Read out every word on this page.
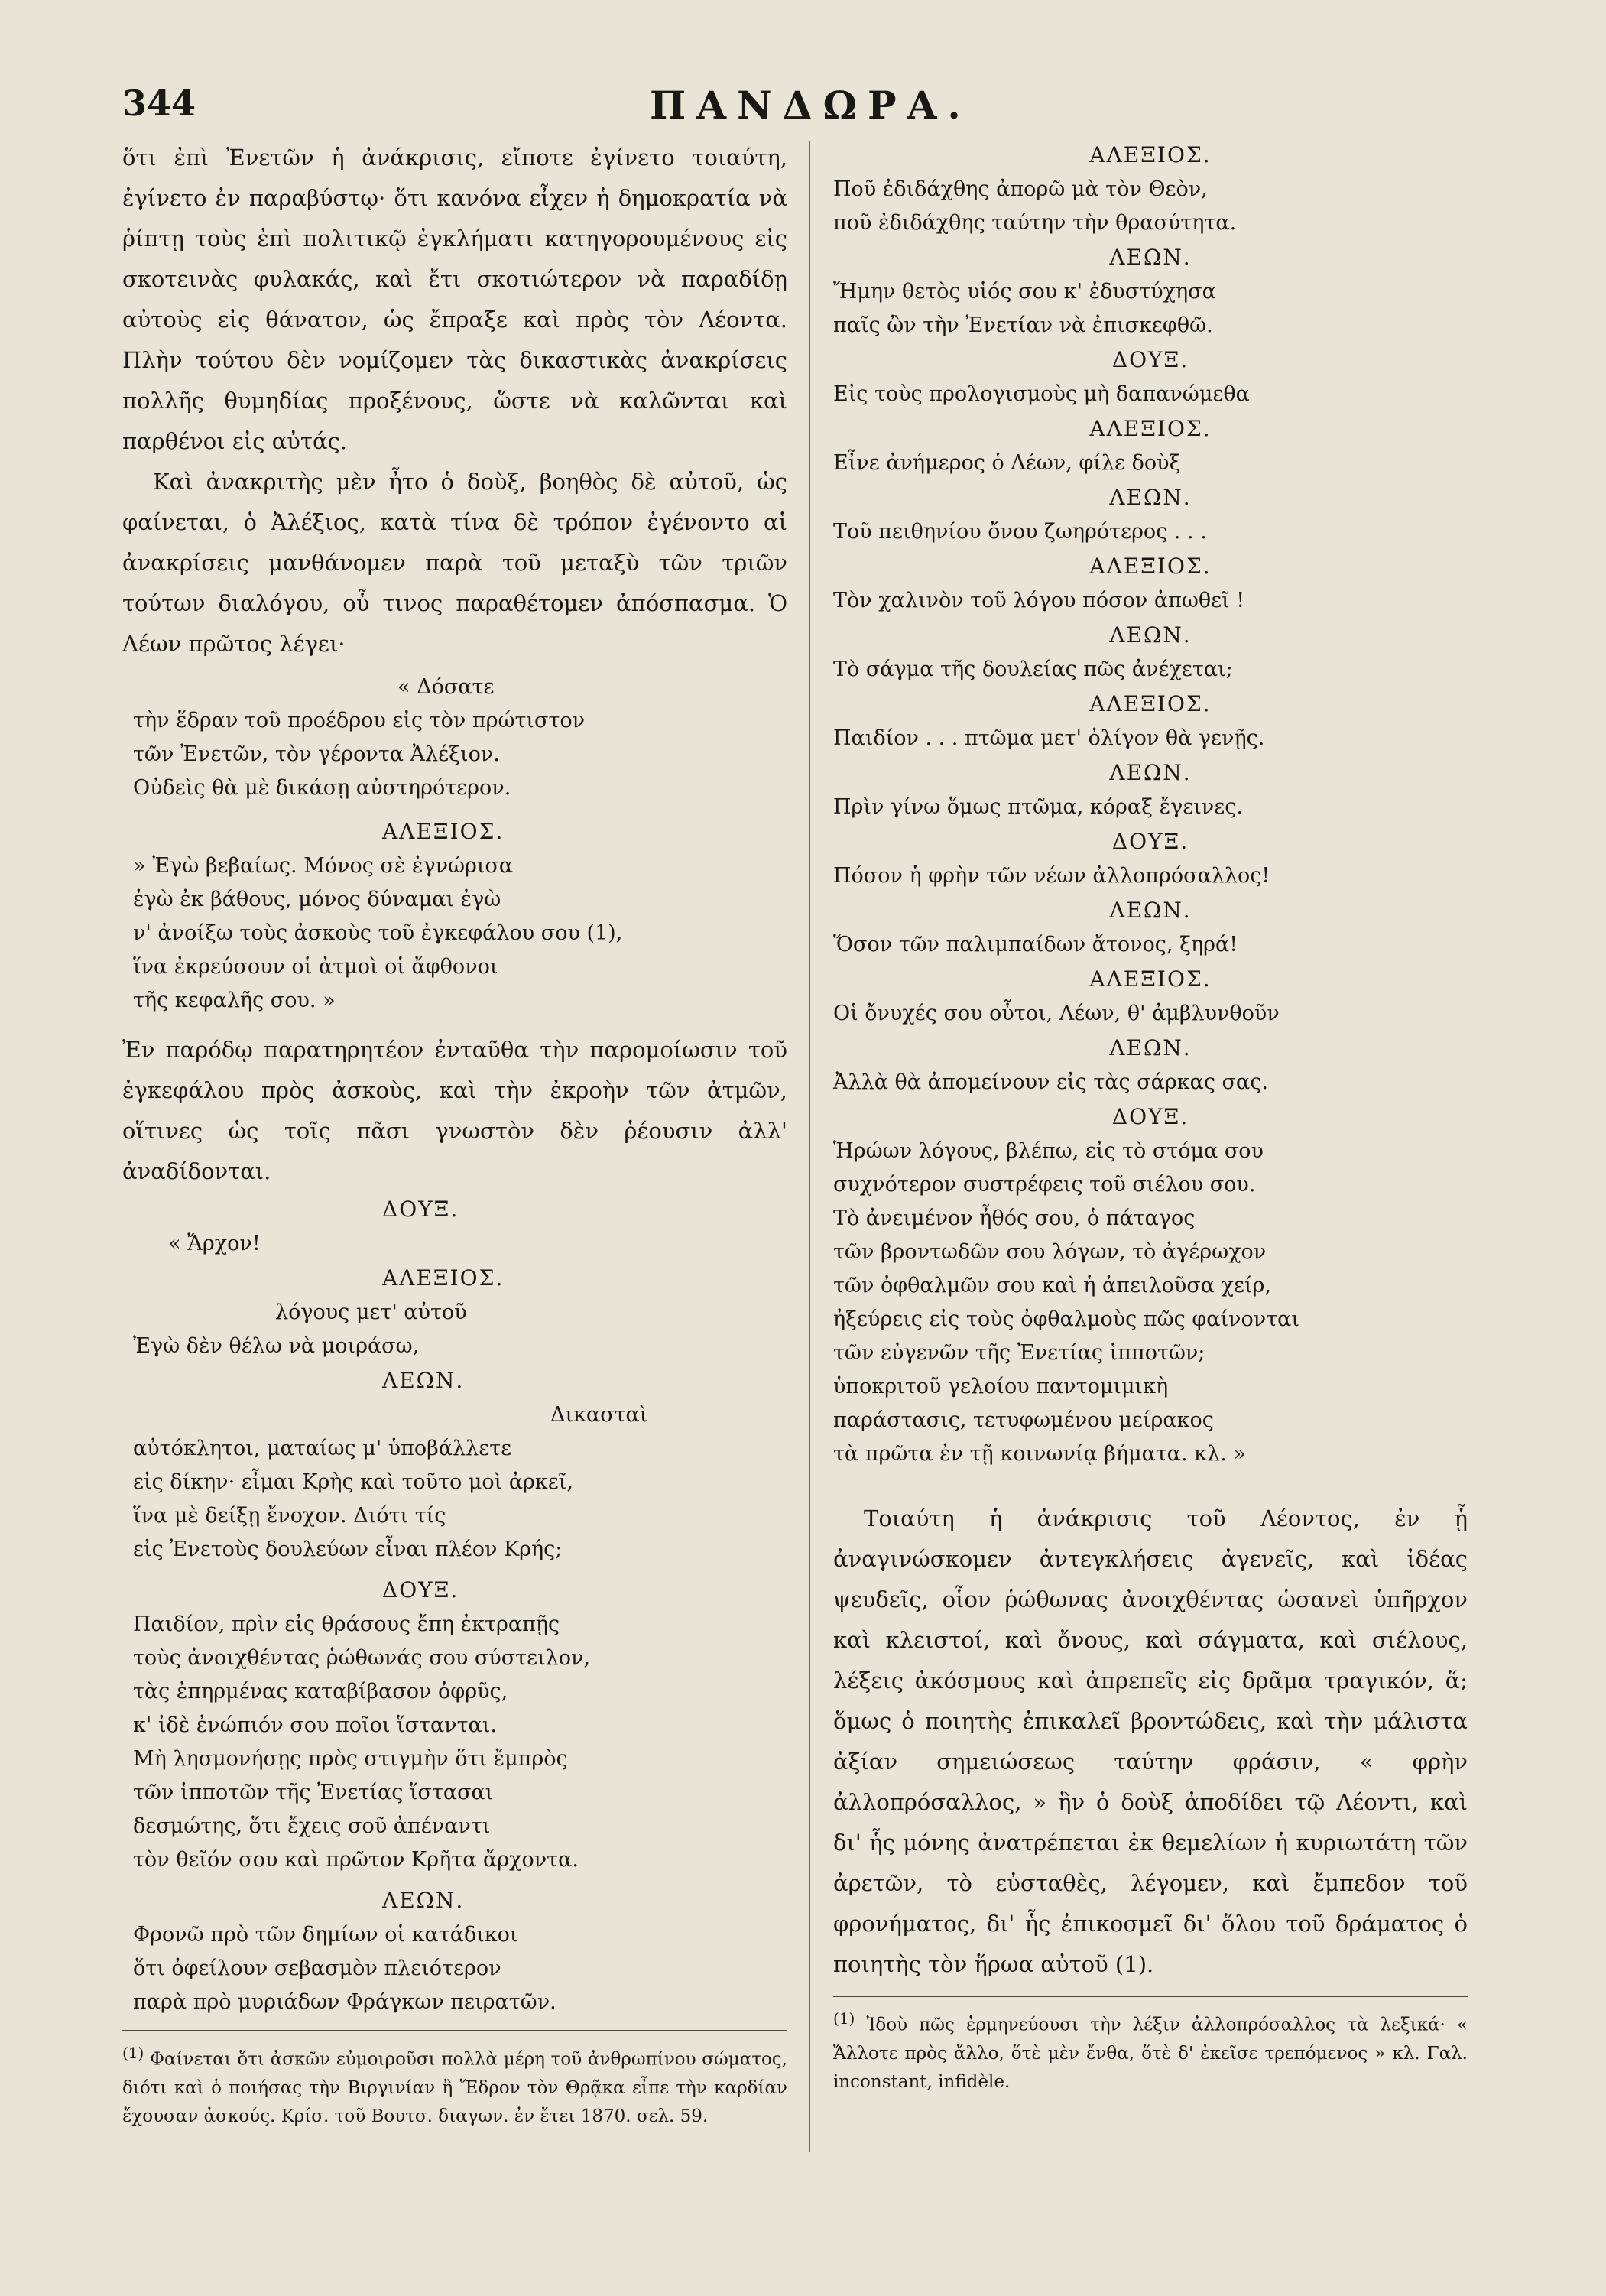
344	ΠΑΝΔΩΡΑ.

ὅτι ἐπὶ Ἐνετῶν ἡ ἀνάκρισις, εἴποτε ἐγίνετο τοιαύτη, ἐγίνετο ἐν παραβύστῳ· ὅτι κανόνα εἶχεν ἡ δημοκρατία νὰ ῥίπτῃ τοὺς ἐπὶ πολιτικῷ ἐγκλήματι κατηγορουμένους εἰς σκοτεινὰς φυλακάς, καὶ ἔτι σκοτιώτερον νὰ παραδίδῃ αὐτοὺς εἰς θάνατον, ὡς ἔπραξε καὶ πρὸς τὸν Λέοντα. Πλὴν τούτου δὲν νομίζομεν τὰς δικαστικὰς ἀνακρίσεις πολλῆς θυμηδίας προξένους, ὥστε νὰ καλῶνται καὶ παρθένοι εἰς αὐτάς.

Καὶ ἀνακριτὴς μὲν ἦτο ὁ δοὺξ, βοηθὸς δὲ αὐτοῦ, ὡς φαίνεται, ὁ Ἀλέξιος, κατὰ τίνα δὲ τρόπον ἐγένοντο αἱ ἀνακρίσεις μανθάνομεν παρὰ τοῦ μεταξὺ τῶν τριῶν τούτων διαλόγου, οὗ τινος παραθέτομεν ἀπόσπασμα. Ὁ Λέων πρῶτος λέγει·

« Δόσατε
τὴν ἕδραν τοῦ προέδρου εἰς τὸν πρώτιστον
τῶν Ἐνετῶν, τὸν γέροντα Ἀλέξιον.
Οὐδεὶς θὰ μὲ δικάσῃ αὐστηρότερον.
ΑΛΕΞΙΟΣ.
» Ἐγὼ βεβαίως. Μόνος σὲ ἐγνώρισα
ἐγὼ ἐκ βάθους, μόνος δύναμαι ἐγὼ
ν' ἀνοίξω τοὺς ἀσκοὺς τοῦ ἐγκεφάλου σου (1),
ἵνα ἐκρεύσουν οἱ ἀτμοὶ οἱ ἄφθονοι
τῆς κεφαλῆς σου. »

Ἐν παρόδῳ παρατηρητέον ἐνταῦθα τὴν παρομοίωσιν τοῦ ἐγκεφάλου πρὸς ἀσκοὺς, καὶ τὴν ἐκροὴν τῶν ἀτμῶν, οἵτινες ὡς τοῖς πᾶσι γνωστὸν δὲν ῥέουσιν ἀλλ' ἀναδίδονται.

ΔΟΥΞ.
« Ἄρχον!
ΑΛΕΞΙΟΣ.
λόγους μετ' αὐτοῦ
Ἐγὼ δὲν θέλω νὰ μοιράσω,
ΛΕΩΝ.
Δικασταὶ
αὐτόκλητοι, ματαίως μ' ὑποβάλλετε
εἰς δίκην· εἶμαι Κρὴς καὶ τοῦτο μοὶ ἀρκεῖ,
ἵνα μὲ δείξῃ ἔνοχον. Διότι τίς
εἰς Ἐνετοὺς δουλεύων εἶναι πλέον Κρής;
ΔΟΥΞ.
Παιδίον, πρὶν εἰς θράσους ἔπη ἐκτραπῇς
τοὺς ἀνοιχθέντας ῥώθωνάς σου σύστειλον,
τὰς ἐπηρμένας καταβίβασον ὀφρῦς,
κ' ἰδὲ ἐνώπιόν σου ποῖοι ἵστανται.
Μὴ λησμονήσῃς πρὸς στιγμὴν ὅτι ἔμπρὸς
τῶν ἱπποτῶν τῆς Ἐνετίας ἵστασαι
δεσμώτης, ὅτι ἔχεις σοῦ ἀπέναντι
τὸν θεῖόν σου καὶ πρῶτον Κρῆτα ἄρχοντα.
ΛΕΩΝ.
Φρονῶ πρὸ τῶν δημίων οἱ κατάδικοι
ὅτι ὀφείλουν σεβασμὸν πλειότερον
παρὰ πρὸ μυριάδων Φράγκων πειρατῶν.

(1) Φαίνεται ὅτι ἀσκῶν εὐμοιροῦσι πολλὰ μέρη τοῦ ἀνθρωπίνου σώματος, διότι καὶ ὁ ποιήσας τὴν Βιργινίαν ἢ Ἕδρον τὸν Θρᾷκα εἶπε τὴν καρδίαν ἔχουσαν ἀσκούς. Κρίσ. τοῦ Βουτσ. διαγων. ἐν ἔτει 1870. σελ. 59.

ΑΛΕΞΙΟΣ.
Ποῦ ἐδιδάχθης ἀπορῶ μὰ τὸν Θεὸν,
ποῦ ἐδιδάχθης ταύτην τὴν θρασύτητα.
ΛΕΩΝ.
Ἤμην θετὸς υἱός σου κ' ἐδυστύχησα
παῖς ὢν τὴν Ἐνετίαν νὰ ἐπισκεφθῶ.
ΔΟΥΞ.
Εἰς τοὺς προλογισμοὺς μὴ δαπανώμεθα
ΑΛΕΞΙΟΣ.
Εἶνε ἀνήμερος ὁ Λέων, φίλε δοὺξ
ΛΕΩΝ.
Τοῦ πειθηνίου ὄνου ζωηρότερος . . .
ΑΛΕΞΙΟΣ.
Τὸν χαλινὸν τοῦ λόγου πόσον ἀπωθεῖ !
ΛΕΩΝ.
Τὸ σάγμα τῆς δουλείας πῶς ἀνέχεται;
ΑΛΕΞΙΟΣ.
Παιδίον . . . πτῶμα μετ' ὀλίγον θὰ γενῇς.
ΛΕΩΝ.
Πρὶν γίνω ὅμως πτῶμα, κόραξ ἔγεινες.
ΔΟΥΞ.
Πόσον ἡ φρὴν τῶν νέων ἀλλοπρόσαλλος!
ΛΕΩΝ.
Ὅσον τῶν παλιμπαίδων ἄτονος, ξηρά!
ΑΛΕΞΙΟΣ.
Οἱ ὄνυχές σου οὗτοι, Λέων, θ' ἀμβλυνθοῦν
ΛΕΩΝ.
Ἀλλὰ θὰ ἀπομείνουν εἰς τὰς σάρκας σας.
ΔΟΥΞ.
Ἡρώων λόγους, βλέπω, εἰς τὸ στόμα σου
συχνότερον συστρέφεις τοῦ σιέλου σου.
Τὸ ἀνειμένον ἦθός σου, ὁ πάταγος
τῶν βροντωδῶν σου λόγων, τὸ ἀγέρωχον
τῶν ὀφθαλμῶν σου καὶ ἡ ἀπειλοῦσα χείρ,
ἠξεύρεις εἰς τοὺς ὀφθαλμοὺς πῶς φαίνονται
τῶν εὐγενῶν τῆς Ἐνετίας ἱπποτῶν;
ὑποκριτοῦ γελοίου παντομιμικὴ
παράστασις, τετυφωμένου μείρακος
τὰ πρῶτα ἐν τῇ κοινωνίᾳ βήματα. κλ. »

Τοιαύτη ἡ ἀνάκρισις τοῦ Λέοντος, ἐν ᾗ ἀναγινώσκομεν ἀντεγκλήσεις ἀγενεῖς, καὶ ἰδέας ψευδεῖς, οἷον ῥώθωνας ἀνοιχθέντας ὡσανεὶ ὑπῆρχον καὶ κλειστοί, καὶ ὄνους, καὶ σάγματα, καὶ σιέλους, λέξεις ἀκόσμους καὶ ἀπρεπεῖς εἰς δρᾶμα τραγικόν, ἅ; ὅμως ὁ ποιητὴς ἐπικαλεῖ βροντώδεις, καὶ τὴν μάλιστα ἀξίαν σημειώσεως ταύτην φράσιν, « φρὴν ἀλλοπρόσαλλος, » ἣν ὁ δοὺξ ἀποδίδει τῷ Λέοντι, καὶ δι' ἧς μόνης ἀνατρέπεται ἐκ θεμελίων ἡ κυριωτάτη τῶν ἀρετῶν, τὸ εὐσταθὲς, λέγομεν, καὶ ἔμπεδον τοῦ φρονήματος, δι' ἧς ἐπικοσμεῖ δι' ὅλου τοῦ δράματος ὁ ποιητὴς τὸν ἥρωα αὐτοῦ (1).

(1) Ἰδοὺ πῶς ἑρμηνεύουσι τὴν λέξιν ἀλλοπρόσαλλος τὰ λεξικά· « Ἄλλοτε πρὸς ἄλλο, ὅτὲ μὲν ἔνθα, ὅτὲ δ' ἐκεῖσε τρεπόμενος » κλ. Γαλ. inconstant, infidèle.
